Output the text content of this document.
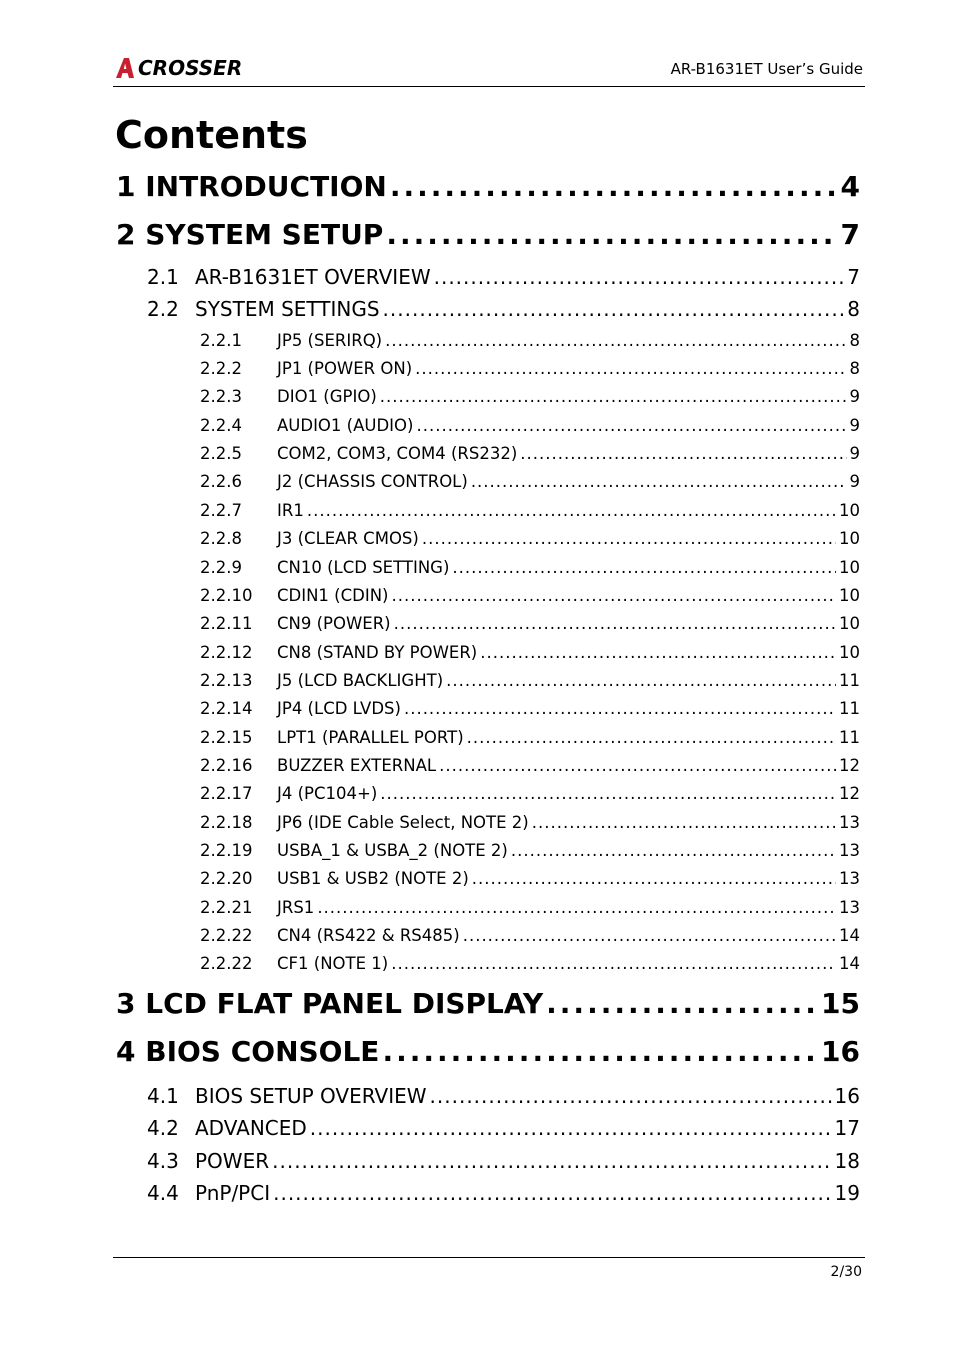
CROSSER	AR-B1631ET User’s Guide
Contents
1 INTRODUCTION .....	4
2 SYSTEM SETUP .....	7
2.1 AR-B1631ET OVERVIEW .....	7
2.2 SYSTEM SETTINGS .....	8
2.2.1 JP5 (SERIRQ) .....	8
2.2.2 JP1 (POWER ON) .....	8
2.2.3 DIO1 (GPIO) .....	9
2.2.4 AUDIO1 (AUDIO) .....	9
2.2.5 COM2, COM3, COM4 (RS232) .....	9
2.2.6 J2 (CHASSIS CONTROL) .....	9
2.2.7 IR1 .....	10
2.2.8 J3 (CLEAR CMOS) .....	10
2.2.9 CN10 (LCD SETTING) .....	10
2.2.10 CDIN1 (CDIN) .....	10
2.2.11 CN9 (POWER) .....	10
2.2.12 CN8 (STAND BY POWER) .....	10
2.2.13 J5 (LCD BACKLIGHT) .....	11
2.2.14 JP4 (LCD LVDS) .....	11
2.2.15 LPT1 (PARALLEL PORT) .....	11
2.2.16 BUZZER EXTERNAL .....	12
2.2.17 J4 (PC104+) .....	12
2.2.18 JP6 (IDE Cable Select, NOTE 2) .....	13
2.2.19 USBA_1 & USBA_2 (NOTE 2) .....	13
2.2.20 USB1 & USB2 (NOTE 2) .....	13
2.2.21 JRS1 .....	13
2.2.22 CN4 (RS422 & RS485) .....	14
2.2.22 CF1 (NOTE 1) .....	14
3 LCD FLAT PANEL DISPLAY .....	15
4 BIOS CONSOLE .....	16
4.1 BIOS SETUP OVERVIEW .....	16
4.2 ADVANCED .....	17
4.3 POWER .....	18
4.4 PnP/PCI .....	19
2/30
